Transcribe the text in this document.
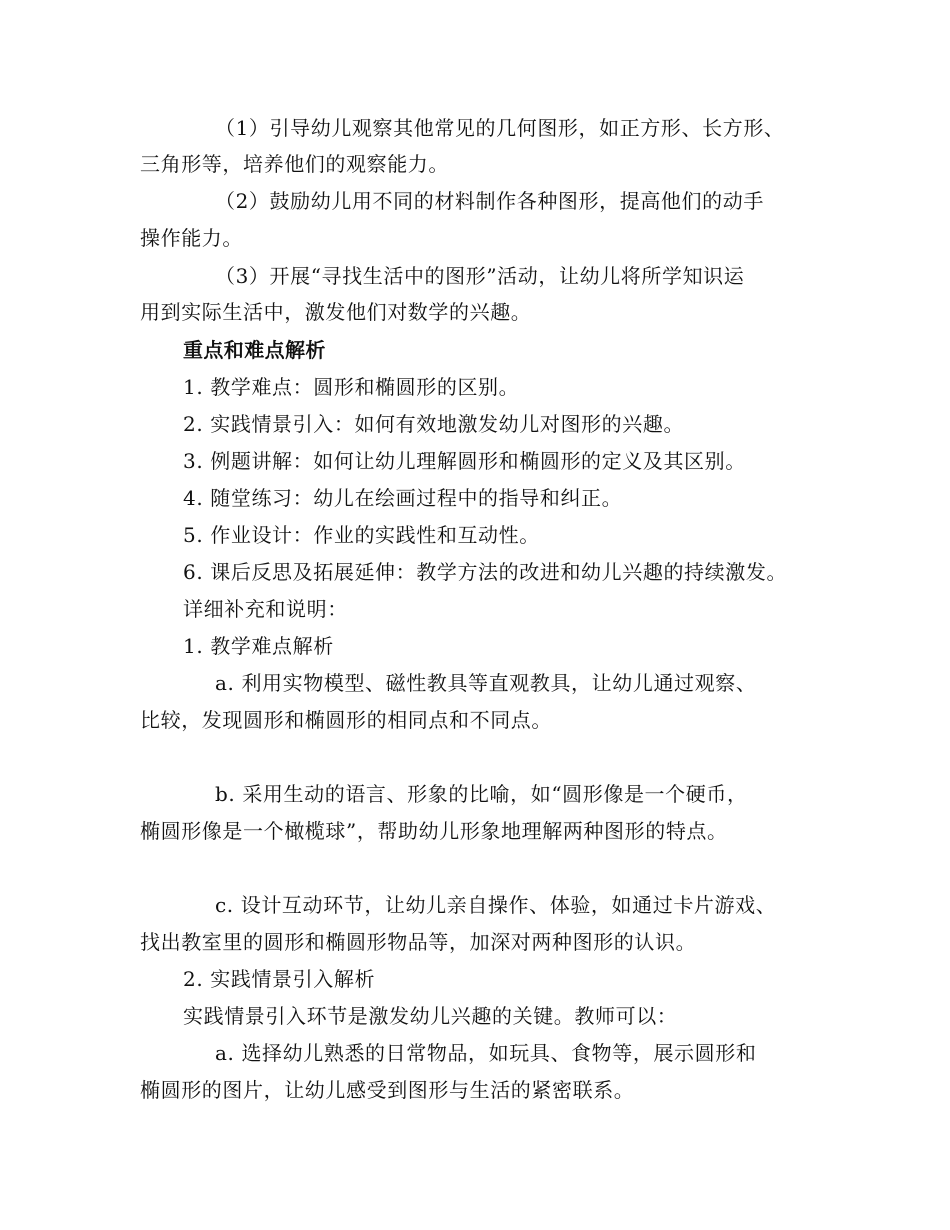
（1）引导幼儿观察其他常见的几何图形，如正方形、长方形、
三角形等，培养他们的观察能力。
（2）鼓励幼儿用不同的材料制作各种图形，提高他们的动手
操作能力。
（3）开展“寻找生活中的图形”活动，让幼儿将所学知识运
用到实际生活中，激发他们对数学的兴趣。
重点和难点解析
1. 教学难点：圆形和椭圆形的区别。
2. 实践情景引入：如何有效地激发幼儿对图形的兴趣。
3. 例题讲解：如何让幼儿理解圆形和椭圆形的定义及其区别。
4. 随堂练习：幼儿在绘画过程中的指导和纠正。
5. 作业设计：作业的实践性和互动性。
6. 课后反思及拓展延伸：教学方法的改进和幼儿兴趣的持续激发。
详细补充和说明：
1. 教学难点解析
a. 利用实物模型、磁性教具等直观教具，让幼儿通过观察、
比较，发现圆形和椭圆形的相同点和不同点。
b. 采用生动的语言、形象的比喻，如“圆形像是一个硬币，
椭圆形像是一个橄榄球”，帮助幼儿形象地理解两种图形的特点。
c. 设计互动环节，让幼儿亲自操作、体验，如通过卡片游戏、
找出教室里的圆形和椭圆形物品等，加深对两种图形的认识。
2. 实践情景引入解析
实践情景引入环节是激发幼儿兴趣的关键。教师可以：
a. 选择幼儿熟悉的日常物品，如玩具、食物等，展示圆形和
椭圆形的图片，让幼儿感受到图形与生活的紧密联系。
